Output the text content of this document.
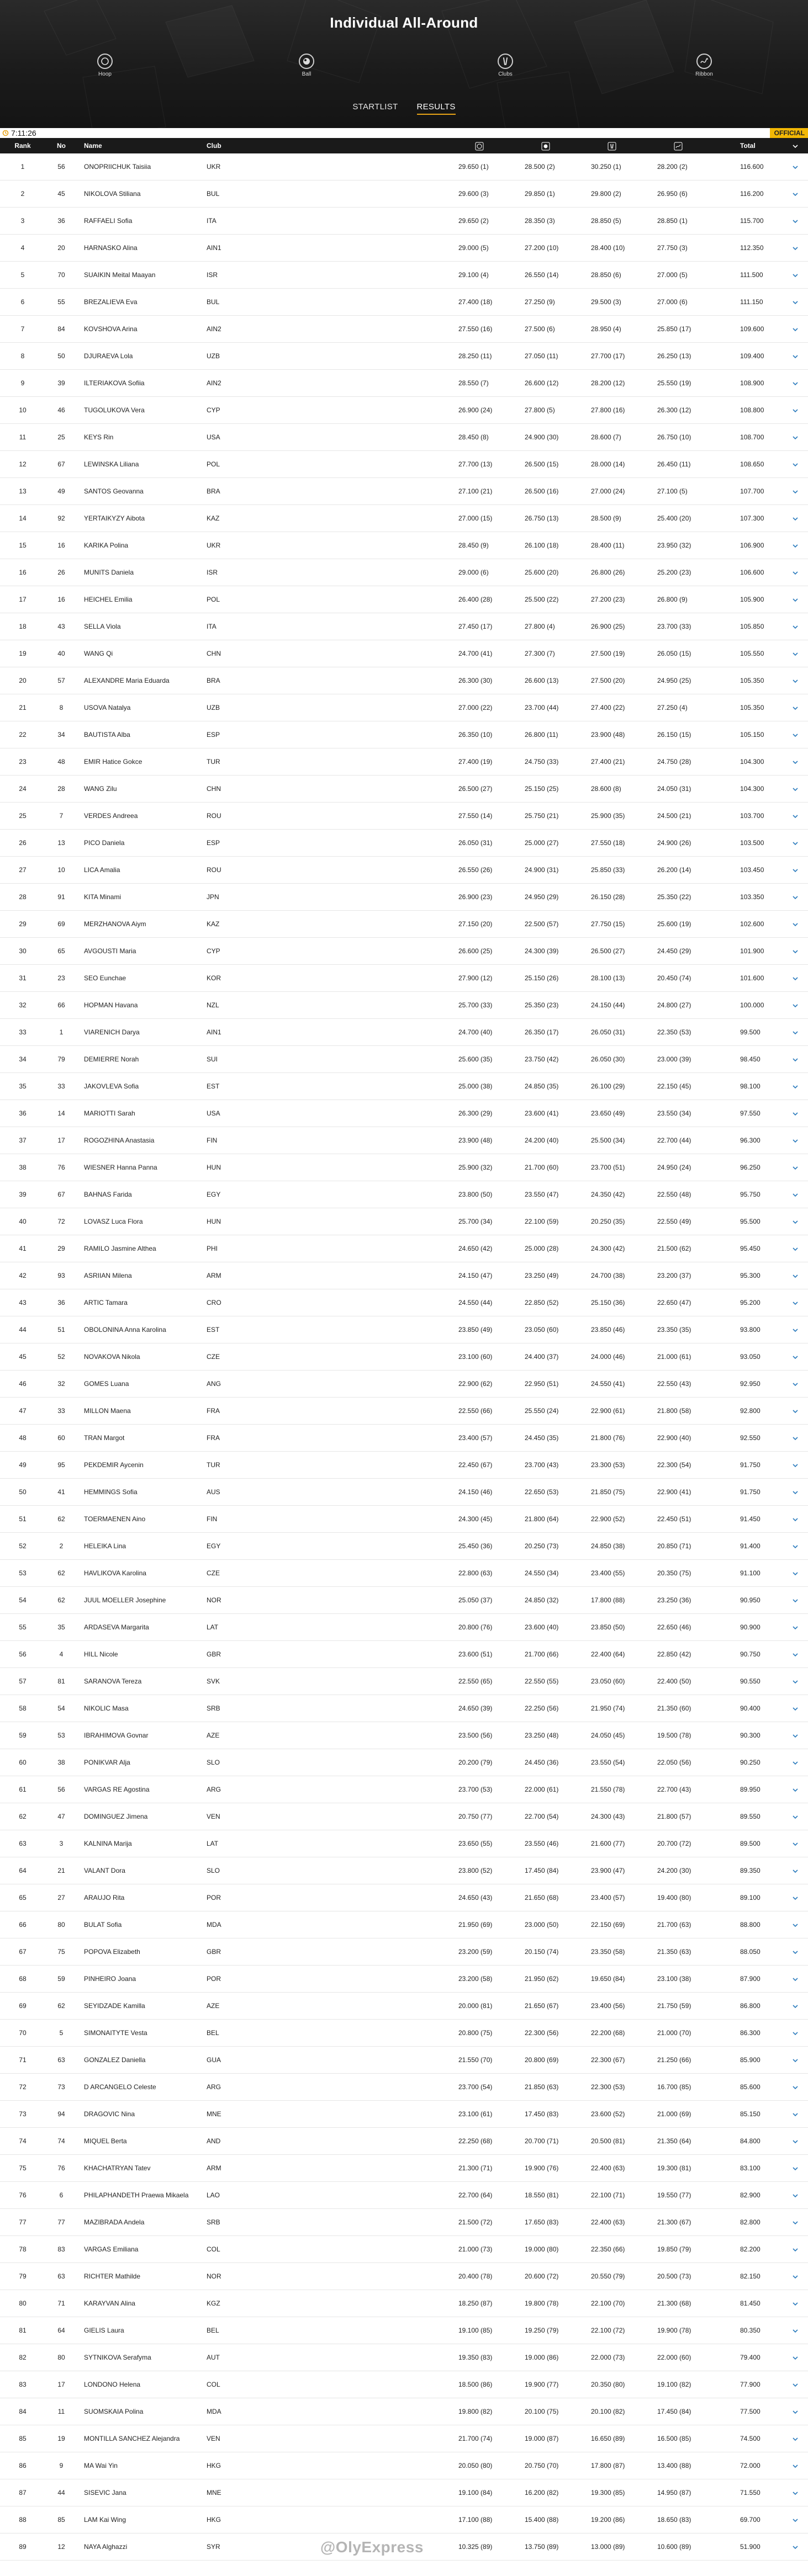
Individual All-Around
Hoop	Ball	Clubs	Ribbon
STARTLIST RESULTS
7:11:26	OFFICIAL
Rank	No	Name	Club	Total
1	56	ONOPRIICHUK Taisiia	UKR	29.650 (1)	28.500 (2)	30.250 (1)	28.200 (2)	116.600
2	45	NIKOLOVA Stiliana	BUL	29.600 (3)	29.850 (1)	29.800 (2)	26.950 (6)	116.200
3	36	RAFFAELI Sofia	ITA	29.650 (2)	28.350 (3)	28.850 (5)	28.850 (1)	115.700
4	20	HARNASKO Alina	AIN1	29.000 (5)	27.200 (10)	28.400 (10)	27.750 (3)	112.350
5	70	SUAIKIN Meital Maayan	ISR	29.100 (4)	26.550 (14)	28.850 (6)	27.000 (5)	111.500
6	55	BREZALIEVA Eva	BUL	27.400 (18)	27.250 (9)	29.500 (3)	27.000 (6)	111.150
7	84	KOVSHOVA Arina	AIN2	27.550 (16)	27.500 (6)	28.950 (4)	25.850 (17)	109.600
8	50	DJURAEVA Lola	UZB	28.250 (11)	27.050 (11)	27.700 (17)	26.250 (13)	109.400
9	39	ILTERIAKOVA Sofiia	AIN2	28.550 (7)	26.600 (12)	28.200 (12)	25.550 (19)	108.900
10	46	TUGOLUKOVA Vera	CYP	26.900 (24)	27.800 (5)	27.800 (16)	26.300 (12)	108.800
11	25	KEYS Rin	USA	28.450 (8)	24.900 (30)	28.600 (7)	26.750 (10)	108.700
12	67	LEWINSKA Liliana	POL	27.700 (13)	26.500 (15)	28.000 (14)	26.450 (11)	108.650
13	49	SANTOS Geovanna	BRA	27.100 (21)	26.500 (16)	27.000 (24)	27.100 (5)	107.700
14	92	YERTAIKYZY Aibota	KAZ	27.000 (15)	26.750 (13)	28.500 (9)	25.400 (20)	107.300
15	16	KARIKA Polina	UKR	28.450 (9)	26.100 (18)	28.400 (11)	23.950 (32)	106.900
16	26	MUNITS Daniela	ISR	29.000 (6)	25.600 (20)	26.800 (26)	25.200 (23)	106.600
17	16	HEICHEL Emilia	POL	26.400 (28)	25.500 (22)	27.200 (23)	26.800 (9)	105.900
18	43	SELLA Viola	ITA	27.450 (17)	27.800 (4)	26.900 (25)	23.700 (33)	105.850
19	40	WANG Qi	CHN	24.700 (41)	27.300 (7)	27.500 (19)	26.050 (15)	105.550
20	57	ALEXANDRE Maria Eduarda	BRA	26.300 (30)	26.600 (13)	27.500 (20)	24.950 (25)	105.350
21	8	USOVA Natalya	UZB	27.000 (22)	23.700 (44)	27.400 (22)	27.250 (4)	105.350
22	34	BAUTISTA Alba	ESP	26.350 (10)	26.800 (11)	23.900 (48)	26.150 (15)	105.150
23	48	EMIR Hatice Gokce	TUR	27.400 (19)	24.750 (33)	27.400 (21)	24.750 (28)	104.300
24	28	WANG Zilu	CHN	26.500 (27)	25.150 (25)	28.600 (8)	24.050 (31)	104.300
25	7	VERDES Andreea	ROU	27.550 (14)	25.750 (21)	25.900 (35)	24.500 (21)	103.700
26	13	PICO Daniela	ESP	26.050 (31)	25.000 (27)	27.550 (18)	24.900 (26)	103.500
27	10	LICA Amalia	ROU	26.550 (26)	24.900 (31)	25.850 (33)	26.200 (14)	103.450
28	91	KITA Minami	JPN	26.900 (23)	24.950 (29)	26.150 (28)	25.350 (22)	103.350
29	69	MERZHANOVA Aiym	KAZ	27.150 (20)	22.500 (57)	27.750 (15)	25.600 (19)	102.600
30	65	AVGOUSTI Maria	CYP	26.600 (25)	24.300 (39)	26.500 (27)	24.450 (29)	101.900
31	23	SEO Eunchae	KOR	27.900 (12)	25.150 (26)	28.100 (13)	20.450 (74)	101.600
32	66	HOPMAN Havana	NZL	25.700 (33)	25.350 (23)	24.150 (44)	24.800 (27)	100.000
33	1	VIARENICH Darya	AIN1	24.700 (40)	26.350 (17)	26.050 (31)	22.350 (53)	99.500
34	79	DEMIERRE Norah	SUI	25.600 (35)	23.750 (42)	26.050 (30)	23.000 (39)	98.450
35	33	JAKOVLEVA Sofia	EST	25.000 (38)	24.850 (35)	26.100 (29)	22.150 (45)	98.100
36	14	MARIOTTI Sarah	USA	26.300 (29)	23.600 (41)	23.650 (49)	23.550 (34)	97.550
37	17	ROGOZHINA Anastasia	FIN	23.900 (48)	24.200 (40)	25.500 (34)	22.700 (44)	96.300
38	76	WIESNER Hanna Panna	HUN	25.900 (32)	21.700 (60)	23.700 (51)	24.950 (24)	96.250
39	67	BAHNAS Farida	EGY	23.800 (50)	23.550 (47)	24.350 (42)	22.550 (48)	95.750
40	72	LOVASZ Luca Flora	HUN	25.700 (34)	22.100 (59)	20.250 (35)	22.550 (49)	95.500
41	29	RAMILO Jasmine Althea	PHI	24.650 (42)	25.000 (28)	24.300 (42)	21.500 (62)	95.450
42	93	ASRIIAN Milena	ARM	24.150 (47)	23.250 (49)	24.700 (38)	23.200 (37)	95.300
43	36	ARTIC Tamara	CRO	24.550 (44)	22.850 (52)	25.150 (36)	22.650 (47)	95.200
44	51	OBOLONINA Anna Karolina	EST	23.850 (49)	23.050 (60)	23.850 (46)	23.350 (35)	93.800
45	52	NOVAKOVA Nikola	CZE	23.100 (60)	24.400 (37)	24.000 (46)	21.000 (61)	93.050
46	32	GOMES Luana	ANG	22.900 (62)	22.950 (51)	24.550 (41)	22.550 (43)	92.950
47	33	MILLON Maena	FRA	22.550 (66)	25.550 (24)	22.900 (61)	21.800 (58)	92.800
48	60	TRAN Margot	FRA	23.400 (57)	24.450 (35)	21.800 (76)	22.900 (40)	92.550
49	95	PEKDEMIR Aycenin	TUR	22.450 (67)	23.700 (43)	23.300 (53)	22.300 (54)	91.750
50	41	HEMMINGS Sofia	AUS	24.150 (46)	22.650 (53)	21.850 (75)	22.900 (41)	91.750
51	62	TOERMAENEN Aino	FIN	24.300 (45)	21.800 (64)	22.900 (52)	22.450 (51)	91.450
52	2	HELEIKA Lina	EGY	25.450 (36)	20.250 (73)	24.850 (38)	20.850 (71)	91.400
53	62	HAVLIKOVA Karolina	CZE	22.800 (63)	24.550 (34)	23.400 (55)	20.350 (75)	91.100
54	62	JUUL MOELLER Josephine	NOR	25.050 (37)	24.850 (32)	17.800 (88)	23.250 (36)	90.950
55	35	ARDASEVA Margarita	LAT	20.800 (76)	23.600 (40)	23.850 (50)	22.650 (46)	90.900
56	4	HILL Nicole	GBR	23.600 (51)	21.700 (66)	22.400 (64)	22.850 (42)	90.750
57	81	SARANOVA Tereza	SVK	22.550 (65)	22.550 (55)	23.050 (60)	22.400 (50)	90.550
58	54	NIKOLIC Masa	SRB	24.650 (39)	22.250 (56)	21.950 (74)	21.350 (60)	90.400
59	53	IBRAHIMOVA Govnar	AZE	23.500 (56)	23.250 (48)	24.050 (45)	19.500 (78)	90.300
60	38	PONIKVAR Alja	SLO	20.200 (79)	24.450 (36)	23.550 (54)	22.050 (56)	90.250
61	56	VARGAS RE Agostina	ARG	23.700 (53)	22.000 (61)	21.550 (78)	22.700 (43)	89.950
62	47	DOMINGUEZ Jimena	VEN	20.750 (77)	22.700 (54)	24.300 (43)	21.800 (57)	89.550
63	3	KALNINA Marija	LAT	23.650 (55)	23.550 (46)	21.600 (77)	20.700 (72)	89.500
64	21	VALANT Dora	SLO	23.800 (52)	17.450 (84)	23.900 (47)	24.200 (30)	89.350
65	27	ARAUJO Rita	POR	24.650 (43)	21.650 (68)	23.400 (57)	19.400 (80)	89.100
66	80	BULAT Sofia	MDA	21.950 (69)	23.000 (50)	22.150 (69)	21.700 (63)	88.800
67	75	POPOVA Elizabeth	GBR	23.200 (59)	20.150 (74)	23.350 (58)	21.350 (63)	88.050
68	59	PINHEIRO Joana	POR	23.200 (58)	21.950 (62)	19.650 (84)	23.100 (38)	87.900
69	62	SEYIDZADE Kamilla	AZE	20.000 (81)	21.650 (67)	23.400 (56)	21.750 (59)	86.800
70	5	SIMONAITYTE Vesta	BEL	20.800 (75)	22.300 (56)	22.200 (68)	21.000 (70)	86.300
71	63	GONZALEZ Daniella	GUA	21.550 (70)	20.800 (69)	22.300 (67)	21.250 (66)	85.900
72	73	D ARCANGELO Celeste	ARG	23.700 (54)	21.850 (63)	22.300 (53)	16.700 (85)	85.600
73	94	DRAGOVIC Nina	MNE	23.100 (61)	17.450 (83)	23.600 (52)	21.000 (69)	85.150
74	74	MIQUEL Berta	AND	22.250 (68)	20.700 (71)	20.500 (81)	21.350 (64)	84.800
75	76	KHACHATRYAN Tatev	ARM	21.300 (71)	19.900 (76)	22.400 (63)	19.300 (81)	83.100
76	6	PHILAPHANDETH Praewa Mikaela	LAO	22.700 (64)	18.550 (81)	22.100 (71)	19.550 (77)	82.900
77	77	MAZIBRADA Andela	SRB	21.500 (72)	17.650 (83)	22.400 (63)	21.300 (67)	82.800
78	83	VARGAS Emiliana	COL	21.000 (73)	19.000 (80)	22.350 (66)	19.850 (79)	82.200
79	63	RICHTER Mathilde	NOR	20.400 (78)	20.600 (72)	20.550 (79)	20.500 (73)	82.150
80	71	KARAYVAN Alina	KGZ	18.250 (87)	19.800 (78)	22.100 (70)	21.300 (68)	81.450
81	64	GIELIS Laura	BEL	19.100 (85)	19.250 (79)	22.100 (72)	19.900 (78)	80.350
82	80	SYTNIKOVA Serafyma	AUT	19.350 (83)	19.000 (86)	22.000 (73)	22.000 (60)	79.400
83	17	LONDONO Helena	COL	18.500 (86)	19.900 (77)	20.350 (80)	19.100 (82)	77.900
84	11	SUOMSKAIA Polina	MDA	19.800 (82)	20.100 (75)	20.100 (82)	17.450 (84)	77.500
85	19	MONTILLA SANCHEZ Alejandra	VEN	21.700 (74)	19.000 (87)	16.650 (89)	16.500 (85)	74.500
86	9	MA Wai Yin	HKG	20.050 (80)	20.750 (70)	17.800 (87)	13.400 (88)	72.000
87	44	SISEVIC Jana	MNE	19.100 (84)	16.200 (82)	19.300 (85)	14.950 (87)	71.550
88	85	LAM Kai Wing	HKG	17.100 (88)	15.400 (88)	19.200 (86)	18.650 (83)	69.700
89	12	NAYA Alghazzi	SYR	10.325 (89)	13.750 (89)	13.000 (89)	10.600 (89)	51.900
@OlyExpress
